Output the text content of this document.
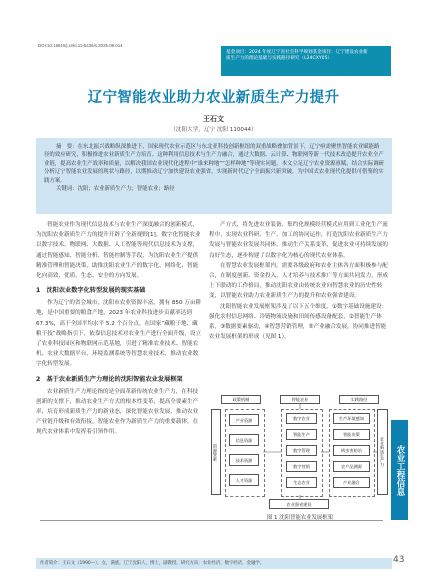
DOI:10.16815/j.cnki.11-5436/s.2025.08.014
基金项目：2024 年度辽宁省社会科学规划基金项目：辽宁建设农业新
质生产力的理论基础与实践路径研究（L24CXY05）
辽宁智能农业助力农业新质生产力提升
王石文
（沈阳大学，辽宁 沈阳 110044）

摘　要：在东北振兴战略纵深推进下，国家现代农业示范区与东北亚科技创新枢纽的双重战略叠加背景下，辽宁亟需聚焦智能农业赋能路径的效应研究，积极推进农业新质生产力培育。这种利用信息技术与生产力融合，通过大数据、云计算、物联网等新一代技术改造提升农业全产业链，提高农业生产效率和质量，以解决我国农业现代化进程中“谁来种地”“怎样种地”等现实问题。本文立足辽宁农业资源禀赋，结合实际调研分析辽宁智能农业发展的现状与路径，以期推动辽宁加快建设农业强省，实现新时代辽宁全面振兴新突破，为中国式农业现代化提供可借鉴的实践方案。

关键词：沈阳；农业新质生产力；智能农业；路径

智能农业作为现代信息技术与农业生产深度融合的创新模式，为沈阳农业新质生产力的提升开辟了全新视野[1]。数字化智能农业以数字技术、物联网、大数据、人工智能等现代信息技术为支撑，通过智能感知、智能分析、智能控制等手段，为沈阳农业生产提供精准管理和智能决策，助推沈阳农业生产的数字化、网络化、智能化向高效、优质、生态、安全的方向发展。

1　沈阳农业数字化转型发展的现实基础

作为辽宁的省会城市，沈阳市农业资源丰富，拥有 850 万亩耕地，是中国重要的粮食产地，2023 年农业科技进步贡献率达到 67.3%，高于全国平均水平 5.2 个百分点，在国家“藏粮于地、藏粮于技”战略指引下，依靠信息技术对农业生产进行全面升级，设立了农业科技园区和物联网示范基地，引进了精准农业技术、智能农机、农业大数据平台、环境监测系统等智慧农业技术，推动农业数字化转型发展。

2　基于农业新质生产力理论的沈阳智能农业发展框架

农业新质生产力理论指的是全面革新传统农业生产力，在科技创新的支撑下，推动农业生产方式的根本性变革，提高全要素生产率，培育形成新质生产力的新业态，深化智能农业发展，推动农业产业链升级和有效衔接，智能农业作为新质生产力的重要载体，在现代农业体系中发挥着引领作用。

产方式，将先进农业装备、集约化规模经营模式应用到工业化生产流程中，实现农业科研、生产、加工的协同运作，打造沈阳农业新质生产力发展与智能农业发展共同体，推动生产关系变革，促进农业可持续发展的良好生态，逐步构建了以数字化为核心的现代农业体系。

在智慧农业发展框架内，需要各级政府和农业主体各方面积极参与配合，在制度创新、资金投入、人才培养与技术推广等方面共同发力，形成上下联动的工作格局，推动沈阳农业由传统农业向智慧农业的历史性转变，以智能农业助力农业新质生产力的提升和农业强省建设。

沈阳智能农业发展框架涉及了以下五个维度，①数字基础设施建设：强化农村信息网络、冷链物流设施和田间传感设备配套，②智能生产体系，③数据要素驱动，④智慧营销管理，⑤产业融合发展，协同推进智能农业发展框架的形成（见图 1）。

政策机制	智能农业	实践路径
资源要素
产业资源
信息资源
技术资源
人才资源
数字农业
智能生产
数字管理
数字营销
生态农业
生产环境感知
智能决策
病虫害防治
农产品溯源
产业融合
农业新质生产力
农业强省建设
图 1 沈阳智能农业发展框架
作者简介：王石文（1990—），女，满族，辽宁沈阳人，博士，副教授，研究方向：农业经济，数字经济，金融学。
农业工程信息
43
